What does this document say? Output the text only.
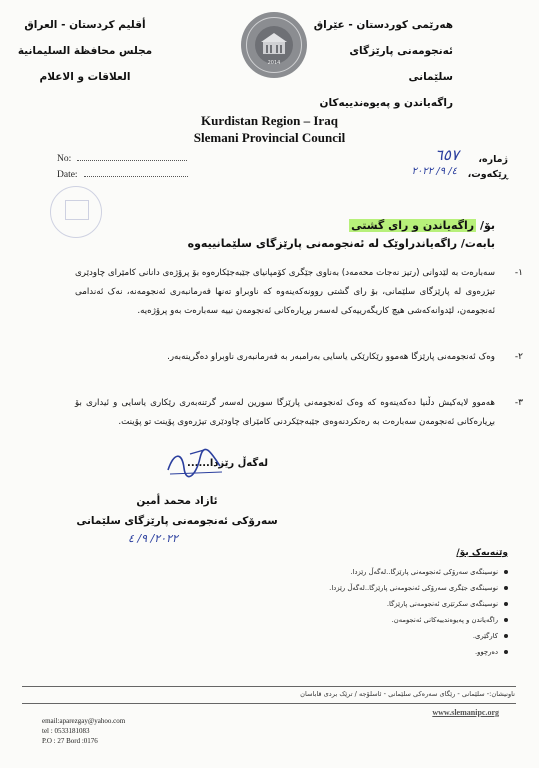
هەرێمی کوردستان - عێراق
ئەنجومەنی پارێزگای سلێمانی
راگەیاندن و پەیوەندییەکان
2014
أقليم كردستان - العراق
مجلس محافظة السليمانية
العلاقات و الاعلام
Kurdistan Region – Iraq
Slemani Provincial Council
No:
Date:
ژمارە،
٦٥٧
ڕێکەوت،
٤/ ٩/ ٢٠٢٢
بۆ/ راگەیاندن و رای گشتی
بابەت/ راگەیاندراوێک لە ئەنجومەنی پارێزگای سلێمانییەوە
١-
سەبارەت بە لێدوانی (رتیز نەجات محەمەد) بەناوی جێگری کۆمپانیای جێبەجێکارەوە بۆ پرۆژەی دانانی کامێرای چاودێری تیژرەوی لە پارێزگای سلێمانی، بۆ رای گشتی روونەکەینەوە کە ناوبراو تەنها فەرمانبەری ئەنجومەنە، نەک ئەندامی ئەنجومەن، لێدوانەکەشی هیچ کاریگەرییەکی لەسەر بڕیارەکانی ئەنجومەن نییە سەبارەت بەو پرۆژەیە.
٢-
وەک ئەنجومەنی پارێزگا هەموو رێکارێکی یاسایی بەرامبەر بە فەرمانبەری ناوبراو دەگرینەبەر.
٣-
هەموو لایەکیش دڵنیا دەکەینەوە کە وەک ئەنجومەنی پارێزگا سورین لەسەر گرتنەبەری رێکاری یاسایی و ئیداری بۆ بڕیارەکانی ئەنجومەن سەبارەت بە رەتکردنەوەی جێبەجێکردنی کامێرای چاودێری تیژرەوی پۆینت تو پۆینت.
لەگەڵ رێزدا......
ئازاد محمد أمین
سەرۆکی ئەنجومەنی پارێزگای سلێمانی
٢٠٢٢/ ٩/ ٤
وێنەیەک بۆ/
نوسینگەی سەرۆکی ئەنجومەنی پارێزگا..لەگەڵ رێزدا.
نوسینگەی جێگری سەرۆکی ئەنجومەنی پارێزگا..لەگەڵ رێزدا.
نوسینگەی سکرتێری ئەنجومەنی پارێزگا.
راگەیاندن و پەیوەندییەکانی ئەنجومەن.
کارگێری.
دەرچوو.
ناونیشان:- سلێمانی - رێگای سەرەکی سلێمانی - ئاسلۆجە / ترێک بردی قاباسان
www.slemanipc.org
email:aparezgay@yahoo.com
tel : 0533181083
P.O : 27 Bord :0176
